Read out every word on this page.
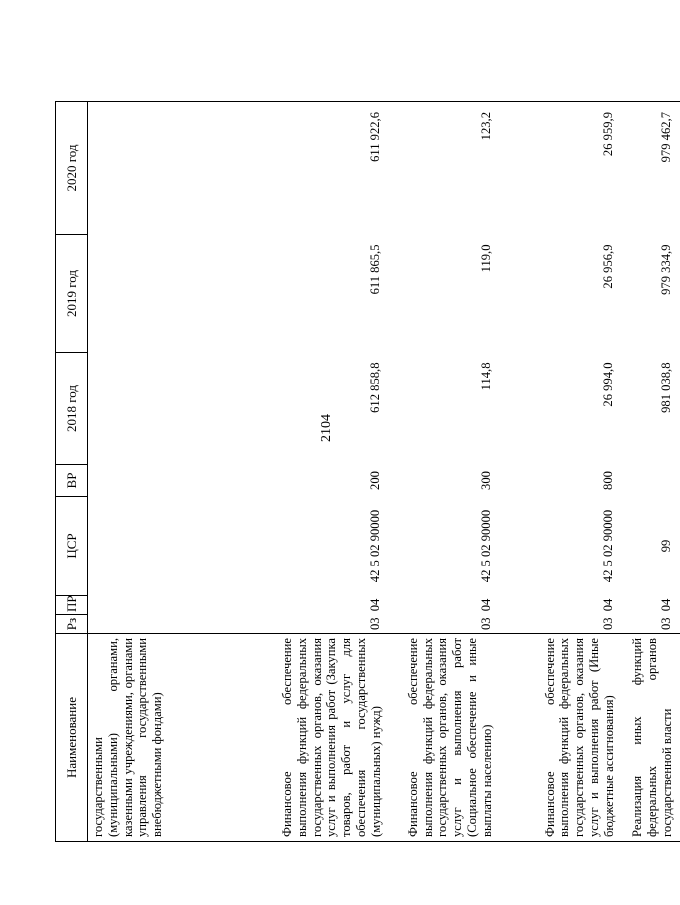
2104
Наименование	Рз	ПР	ЦСР	ВР	2018 год	2019 год	2020 год
государственными (муниципальными) органами, казенными учреждениями, органами управления государственными внебюджетными фондами)							
Финансовое обеспечение выполнения функций федеральных государственных органов, оказания услуг и выполнения работ (Закупка товаров, работ и услуг для обеспечения государственных (муниципальных) нужд)	03	04	42 5 02 90000	200	612 858,8	611 865,5	611 922,6
Финансовое обеспечение выполнения функций федеральных государственных органов, оказания услуг и выполнения работ (Социальное обеспечение и иные выплаты населению)	03	04	42 5 02 90000	300	114,8	119,0	123,2
Финансовое обеспечение выполнения функций федеральных государственных органов, оказания услуг и выполнения работ (Иные бюджетные ассигнования)	03	04	42 5 02 90000	800	26 994,0	26 956,9	26 959,9
Реализация иных функций федеральных органов государственной власти	03	04	99		981 038,8	979 334,9	979 462,7
